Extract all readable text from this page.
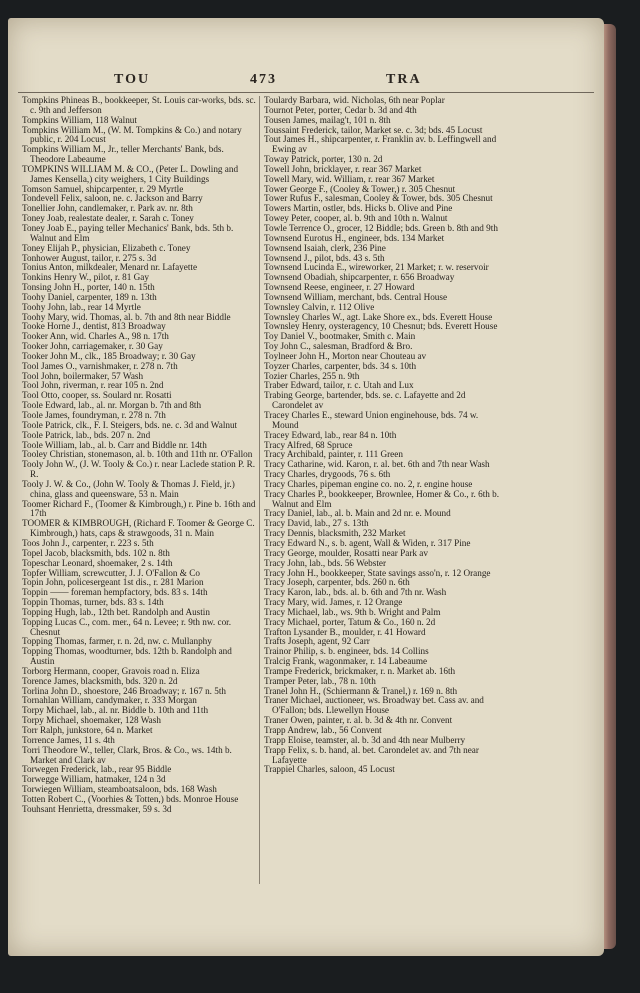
TOU	473	TRA
Tompkins Phineas B., bookkeeper, St. Louis car-works, bds. sc. c. 9th and Jefferson
Tompkins William, 118 Walnut
Tompkins William M., (W. M. Tompkins & Co.) and notary public, r. 204 Locust
Tompkins William M., Jr., teller Merchants' Bank, bds. Theodore Labeaume
TOMPKINS WILLIAM M. & CO., (Peter L. Dowling and James Kensella,) city weighers, 1 City Buildings
Tomson Samuel, shipcarpenter, r. 29 Myrtle
Tondevell Felix, saloon, ne. c. Jackson and Barry
Tonellier John, candlemaker, r. Park av. nr. 8th
Toney Joab, realestate dealer, r. Sarah c. Toney
Toney Joab E., paying teller Mechanics' Bank, bds. 5th b. Walnut and Elm
Toney Elijah P., physician, Elizabeth c. Toney
Tonhower August, tailor, r. 275 s. 3d
Tonius Anton, milkdealer, Menard nr. Lafayette
Tonkins Henry W., pilot, r. 81 Gay
Tonsing John H., porter, 140 n. 15th
Toohy Daniel, carpenter, 189 n. 13th
Toohy John, lab., rear 14 Myrtle
Toohy Mary, wid. Thomas, al. b. 7th and 8th near Biddle
Tooke Horne J., dentist, 813 Broadway
Tooker Ann, wid. Charles A., 98 n. 17th
Tooker John, carriagemaker, r. 30 Gay
Tooker John M., clk., 185 Broadway; r. 30 Gay
Tool James O., varnishmaker, r. 278 n. 7th
Tool John, boilermaker, 57 Wash
Tool John, riverman, r. rear 105 n. 2nd
Tool Otto, cooper, ss. Soulard nr. Rosatti
Toole Edward, lab., al. nr. Morgan b. 7th and 8th
Toole James, foundryman, r. 278 n. 7th
Toole Patrick, clk., F. I. Steigers, bds. ne. c. 3d and Walnut
Toole Patrick, lab., bds. 207 n. 2nd
Toole William, lab., al. b. Carr and Biddle nr. 14th
Tooley Christian, stonemason, al. b. 10th and 11th nr. O'Fallon
Tooly John W., (J. W. Tooly & Co.) r. near Laclede station P. R. R.
Tooly J. W. & Co., (John W. Tooly & Thomas J. Field, jr.) china, glass and queensware, 53 n. Main
Toomer Richard F., (Toomer & Kimbrough,) r. Pine b. 16th and 17th
TOOMER & KIMBROUGH, (Richard F. Toomer & George C. Kimbrough,) hats, caps & strawgoods, 31 n. Main
Toos John J., carpenter, r. 223 s. 5th
Topel Jacob, blacksmith, bds. 102 n. 8th
Topeschar Leonard, shoemaker, 2 s. 14th
Topfer William, screwcutter, J. J. O'Fallon & Co
Topin John, policesergeant 1st dis., r. 281 Marion
Toppin —— foreman hempfactory, bds. 83 s. 14th
Toppin Thomas, turner, bds. 83 s. 14th
Topping Hugh, lab., 12th bet. Randolph and Austin
Topping Lucas C., com. mer., 64 n. Levee; r. 9th nw. cor. Chesnut
Topping Thomas, farmer, r. n. 2d, nw. c. Mullanphy
Topping Thomas, woodturner, bds. 12th b. Randolph and Austin
Torborg Hermann, cooper, Gravois road n. Eliza
Torence James, blacksmith, bds. 320 n. 2d
Torlina John D., shoestore, 246 Broadway; r. 167 n. 5th
Tornahlan William, candymaker, r. 333 Morgan
Torpy Michael, lab., al. nr. Biddle b. 10th and 11th
Torpy Michael, shoemaker, 128 Wash
Torr Ralph, junkstore, 64 n. Market
Torrence James, 11 s. 4th
Torri Theodore W., teller, Clark, Bros. & Co., ws. 14th b. Market and Clark av
Torwegen Frederick, lab., rear 95 Biddle
Torwegge William, hatmaker, 124 n 3d
Torwiegen William, steamboatsaloon, bds. 168 Wash
Totten Robert C., (Voorhies & Totten,) bds. Monroe House
Touhsant Henrietta, dressmaker, 59 s. 3d
Toulardy Barbara, wid. Nicholas, 6th near Poplar
Tournot Peter, porter, Cedar b. 3d and 4th
Tousen James, mailag't, 101 n. 8th
Toussaint Frederick, tailor, Market se. c. 3d; bds. 45 Locust
Tout James H., shipcarpenter, r. Franklin av. b. Leffingwell and Ewing av
Toway Patrick, porter, 130 n. 2d
Towell John, bricklayer, r. rear 367 Market
Towell Mary, wid. William, r. rear 367 Market
Tower George F., (Cooley & Tower,) r. 305 Chesnut
Tower Rufus F., salesman, Cooley & Tower, bds. 305 Chesnut
Towers Martin, ostler, bds. Hicks b. Olive and Pine
Towey Peter, cooper, al. b. 9th and 10th n. Walnut
Towle Terrence O., grocer, 12 Biddle; bds. Green b. 8th and 9th
Townsend Eurotus H., engineer, bds. 134 Market
Townsend Isaiah, clerk, 236 Pine
Townsend J., pilot, bds. 43 s. 5th
Townsend Lucinda E., wireworker, 21 Market; r. w. reservoir
Townsend Obadiah, shipcarpenter, r. 656 Broadway
Townsend Reese, engineer, r. 27 Howard
Townsend William, merchant, bds. Central House
Townsley Calvin, r. 112 Olive
Townsley Charles W., agt. Lake Shore ex., bds. Everett House
Townsley Henry, oysteragency, 10 Chesnut; bds. Everett House
Toy Daniel V., bootmaker, Smith c. Main
Toy John C., salesman, Bradford & Bro.
Toylneer John H., Morton near Chouteau av
Toyzer Charles, carpenter, bds. 34 s. 10th
Tozier Charles, 255 n. 9th
Traber Edward, tailor, r. c. Utah and Lux
Trabing George, bartender, bds. se. c. Lafayette and 2d Carondelet av
Tracey Charles E., steward Union enginehouse, bds. 74 w. Mound
Tracey Edward, lab., rear 84 n. 10th
Tracy Alfred, 68 Spruce
Tracy Archibald, painter, r. 111 Green
Tracy Catharine, wid. Karon, r. al. bet. 6th and 7th near Wash
Tracy Charles, drygoods, 76 s. 6th
Tracy Charles, pipeman engine co. no. 2, r. engine house
Tracy Charles P., bookkeeper, Brownlee, Homer & Co., r. 6th b. Walnut and Elm
Tracy Daniel, lab., al. b. Main and 2d nr. e. Mound
Tracy David, lab., 27 s. 13th
Tracy Dennis, blacksmith, 232 Market
Tracy Edward N., s. b. agent, Wall & Widen, r. 317 Pine
Tracy George, moulder, Rosatti near Park av
Tracy John, lab., bds. 56 Webster
Tracy John H., bookkeeper, State savings asso'n, r. 12 Orange
Tracy Joseph, carpenter, bds. 260 n. 6th
Tracy Karon, lab., bds. al. b. 6th and 7th nr. Wash
Tracy Mary, wid. James, r. 12 Orange
Tracy Michael, lab., ws. 9th b. Wright and Palm
Tracy Michael, porter, Tatum & Co., 160 n. 2d
Trafton Lysander B., moulder, r. 41 Howard
Trafts Joseph, agent, 92 Carr
Trainor Philip, s. b. engineer, bds. 14 Collins
Tralcig Frank, wagonmaker, r. 14 Labeaume
Trampe Frederick, brickmaker, r. n. Market ab. 16th
Tramper Peter, lab., 78 n. 10th
Tranel John H., (Schiermann & Tranel,) r. 169 n. 8th
Traner Michael, auctioneer, ws. Broadway bet. Cass av. and O'Fallon; bds. Llewellyn House
Traner Owen, painter, r. al. b. 3d & 4th nr. Convent
Trapp Andrew, lab., 56 Convent
Trapp Eloise, teamster, al. b. 3d and 4th near Mulberry
Trapp Felix, s. b. hand, al. bet. Carondelet av. and 7th near Lafayette
Trappiel Charles, saloon, 45 Locust
